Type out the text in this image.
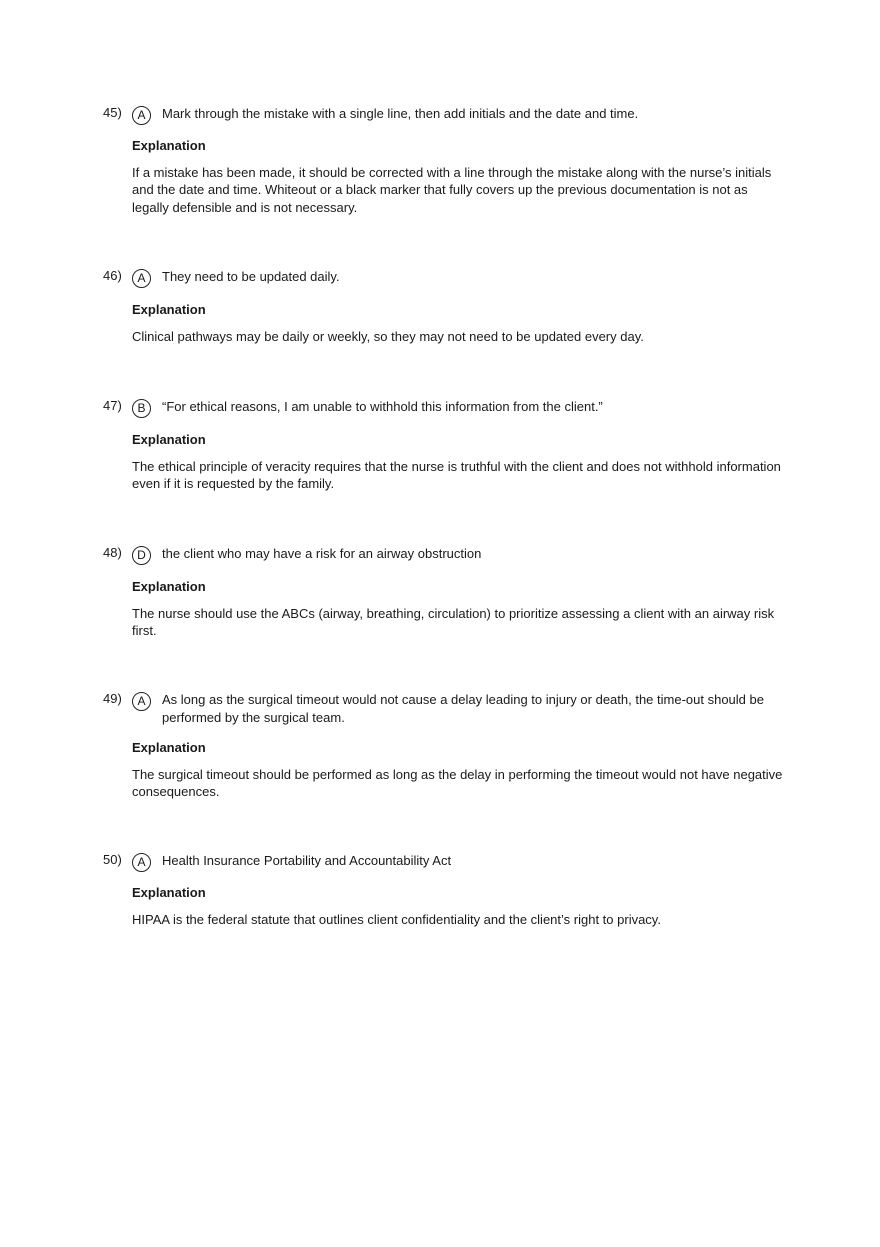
45)	A	Mark through the mistake with a single line, then add initials and the date and time.
Explanation
If a mistake has been made, it should be corrected with a line through the mistake along with the nurse’s initials and the date and time. Whiteout or a black marker that fully covers up the previous documentation is not as legally defensible and is not necessary.
46)	A	They need to be updated daily.
Explanation
Clinical pathways may be daily or weekly, so they may not need to be updated every day.
47)	B	“For ethical reasons, I am unable to withhold this information from the client.”
Explanation
The ethical principle of veracity requires that the nurse is truthful with the client and does not withhold information even if it is requested by the family.
48)	D	the client who may have a risk for an airway obstruction
Explanation
The nurse should use the ABCs (airway, breathing, circulation) to prioritize assessing a client with an airway risk first.
49)	A	As long as the surgical timeout would not cause a delay leading to injury or death, the time-out should be performed by the surgical team.
Explanation
The surgical timeout should be performed as long as the delay in performing the timeout would not have negative consequences.
50)	A	Health Insurance Portability and Accountability Act
Explanation
HIPAA is the federal statute that outlines client confidentiality and the client’s right to privacy.
